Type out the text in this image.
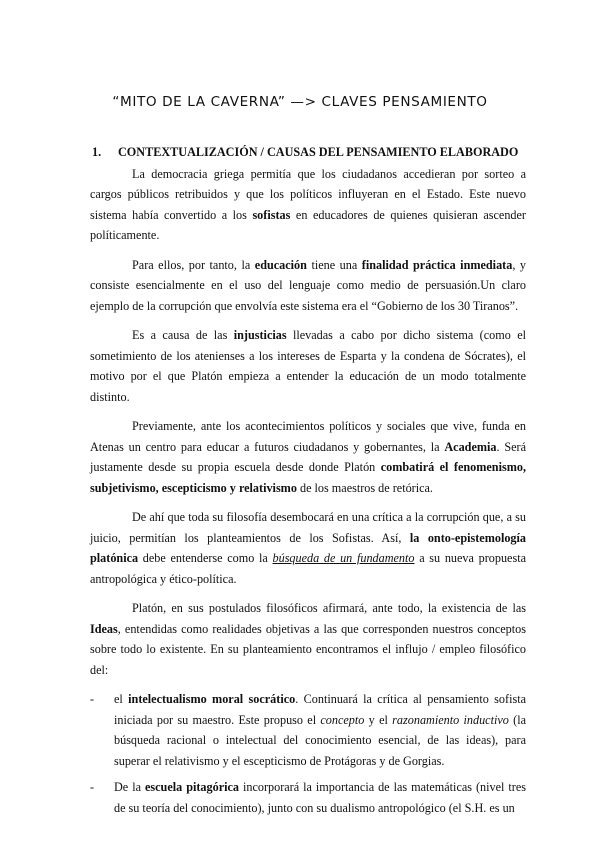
“MITO DE LA CAVERNA” —> CLAVES PENSAMIENTO
1.	CONTEXTUALIZACIÓN / CAUSAS DEL PENSAMIENTO ELABORADO

La democracia griega permitía que los ciudadanos accedieran por sorteo a cargos públicos retribuidos y que los políticos influyeran en el Estado. Este nuevo sistema había convertido a los sofistas en educadores de quienes quisieran ascender políticamente.

Para ellos, por tanto, la educación tiene una finalidad práctica inmediata, y consiste esencialmente en el uso del lenguaje como medio de persuasión.Un claro ejemplo de la corrupción que envolvía este sistema era el “Gobierno de los 30 Tiranos”.

Es a causa de las injusticias llevadas a cabo por dicho sistema (como el sometimiento de los atenienses a los intereses de Esparta y la condena de Sócrates), el motivo por el que Platón empieza a entender la educación de un modo totalmente distinto.

Previamente, ante los acontecimientos políticos y sociales que vive, funda en Atenas un centro para educar a futuros ciudadanos y gobernantes, la Academia. Será justamente desde su propia escuela desde donde Platón combatirá el fenomenismo, subjetivismo, escepticismo y relativismo de los maestros de retórica.

De ahí que toda su filosofía desembocará en una crítica a la corrupción que, a su juicio, permitían los planteamientos de los Sofistas. Así, la onto-epistemología platónica debe entenderse como la búsqueda de un fundamento a su nueva propuesta antropológica y ético-política.

Platón, en sus postulados filosóficos afirmará, ante todo, la existencia de las Ideas, entendidas como realidades objetivas a las que corresponden nuestros conceptos sobre todo lo existente. En su planteamiento encontramos el influjo / empleo filosófico del:

- el intelectualismo moral socrático. Continuará la crítica al pensamiento sofista iniciada por su maestro. Este propuso el concepto y el razonamiento inductivo (la búsqueda racional o intelectual del conocimiento esencial, de las ideas), para superar el relativismo y el escepticismo de Protágoras y de Gorgias.
- De la escuela pitagórica incorporará la importancia de las matemáticas (nivel tres de su teoría del conocimiento), junto con su dualismo antropológico (el S.H. es un
